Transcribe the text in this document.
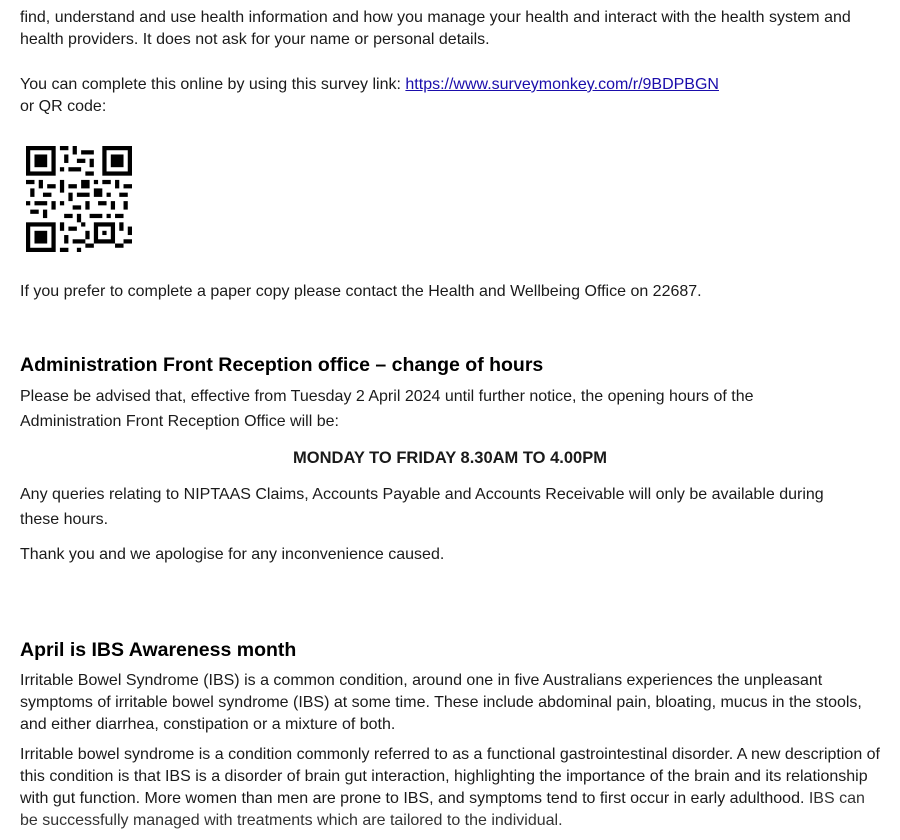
find, understand and use health information and how you manage your health and interact with the health system and health providers. It does not ask for your name or personal details.

You can complete this online by using this survey link: https://www.surveymonkey.com/r/9BDPBGN

or QR code:

If you prefer to complete a paper copy please contact the Health and Wellbeing Office on 22687.

Administration Front Reception office – change of hours

Please be advised that, effective from Tuesday 2 April 2024 until further notice, the opening hours of the Administration Front Reception Office will be:

MONDAY TO FRIDAY 8.30AM TO 4.00PM

Any queries relating to NIPTAAS Claims, Accounts Payable and Accounts Receivable will only be available during these hours.

Thank you and we apologise for any inconvenience caused.

April is IBS Awareness month

Irritable Bowel Syndrome (IBS) is a common condition, around one in five Australians experiences the unpleasant symptoms of irritable bowel syndrome (IBS) at some time. These include abdominal pain, bloating, mucus in the stools, and either diarrhea, constipation or a mixture of both.

Irritable bowel syndrome is a condition commonly referred to as a functional gastrointestinal disorder. A new description of this condition is that IBS is a disorder of brain gut interaction, highlighting the importance of the brain and its relationship with gut function. More women than men are prone to IBS, and symptoms tend to first occur in early adulthood. IBS can be successfully managed with treatments which are tailored to the individual.
